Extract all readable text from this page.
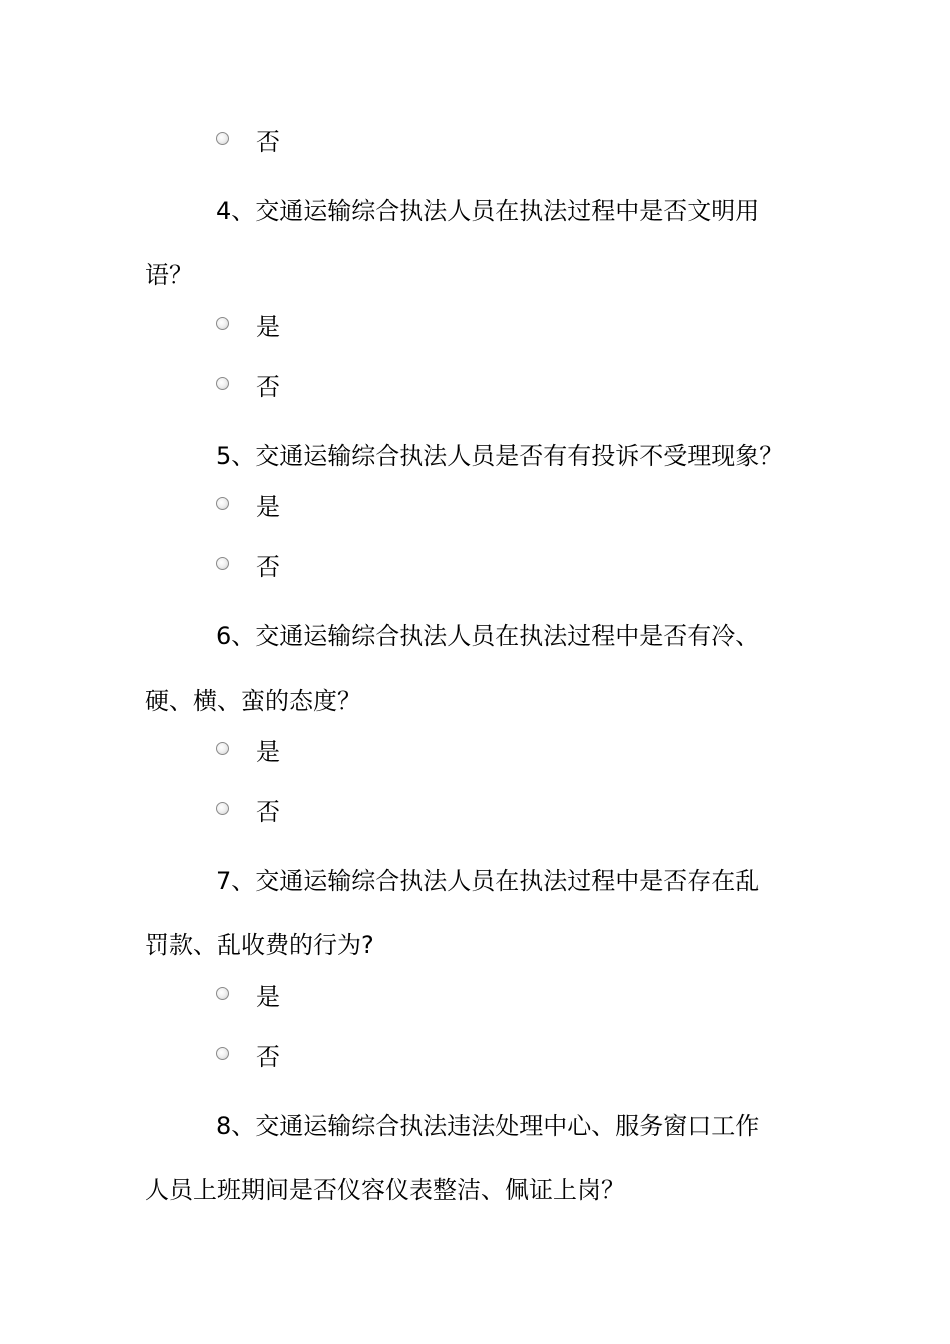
否
4、交通运输综合执法人员在执法过程中是否文明用
语？
是
否
5、交通运输综合执法人员是否有有投诉不受理现象？
是
否
6、交通运输综合执法人员在执法过程中是否有冷、
硬、横、蛮的态度？
是
否
7、交通运输综合执法人员在执法过程中是否存在乱
罚款、乱收费的行为?
是
否
8、交通运输综合执法违法处理中心、服务窗口工作
人员上班期间是否仪容仪表整洁、佩证上岗？
